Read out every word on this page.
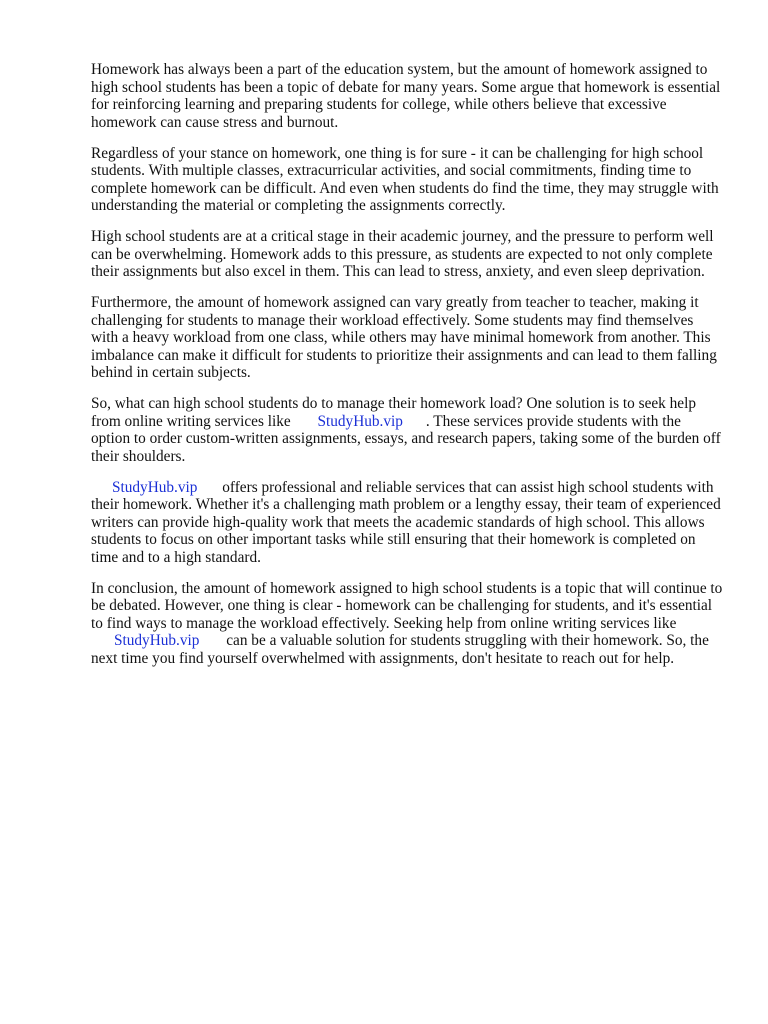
Homework has always been a part of the education system, but the amount of homework assigned to high school students has been a topic of debate for many years. Some argue that homework is essential for reinforcing learning and preparing students for college, while others believe that excessive homework can cause stress and burnout.

Regardless of your stance on homework, one thing is for sure - it can be challenging for high school students. With multiple classes, extracurricular activities, and social commitments, finding time to complete homework can be difficult. And even when students do find the time, they may struggle with understanding the material or completing the assignments correctly.

High school students are at a critical stage in their academic journey, and the pressure to perform well can be overwhelming. Homework adds to this pressure, as students are expected to not only complete their assignments but also excel in them. This can lead to stress, anxiety, and even sleep deprivation.

Furthermore, the amount of homework assigned can vary greatly from teacher to teacher, making it challenging for students to manage their workload effectively. Some students may find themselves with a heavy workload from one class, while others may have minimal homework from another. This imbalance can make it difficult for students to prioritize their assignments and can lead to them falling behind in certain subjects.

So, what can high school students do to manage their homework load? One solution is to seek help from online writing services like StudyHub.vip . These services provide students with the option to order custom-written assignments, essays, and research papers, taking some of the burden off their shoulders.

StudyHub.vip offers professional and reliable services that can assist high school students with their homework. Whether it's a challenging math problem or a lengthy essay, their team of experienced writers can provide high-quality work that meets the academic standards of high school. This allows students to focus on other important tasks while still ensuring that their homework is completed on time and to a high standard.

In conclusion, the amount of homework assigned to high school students is a topic that will continue to be debated. However, one thing is clear - homework can be challenging for students, and it's essential to find ways to manage the workload effectively. Seeking help from online writing services like StudyHub.vip can be a valuable solution for students struggling with their homework. So, the next time you find yourself overwhelmed with assignments, don't hesitate to reach out for help.
